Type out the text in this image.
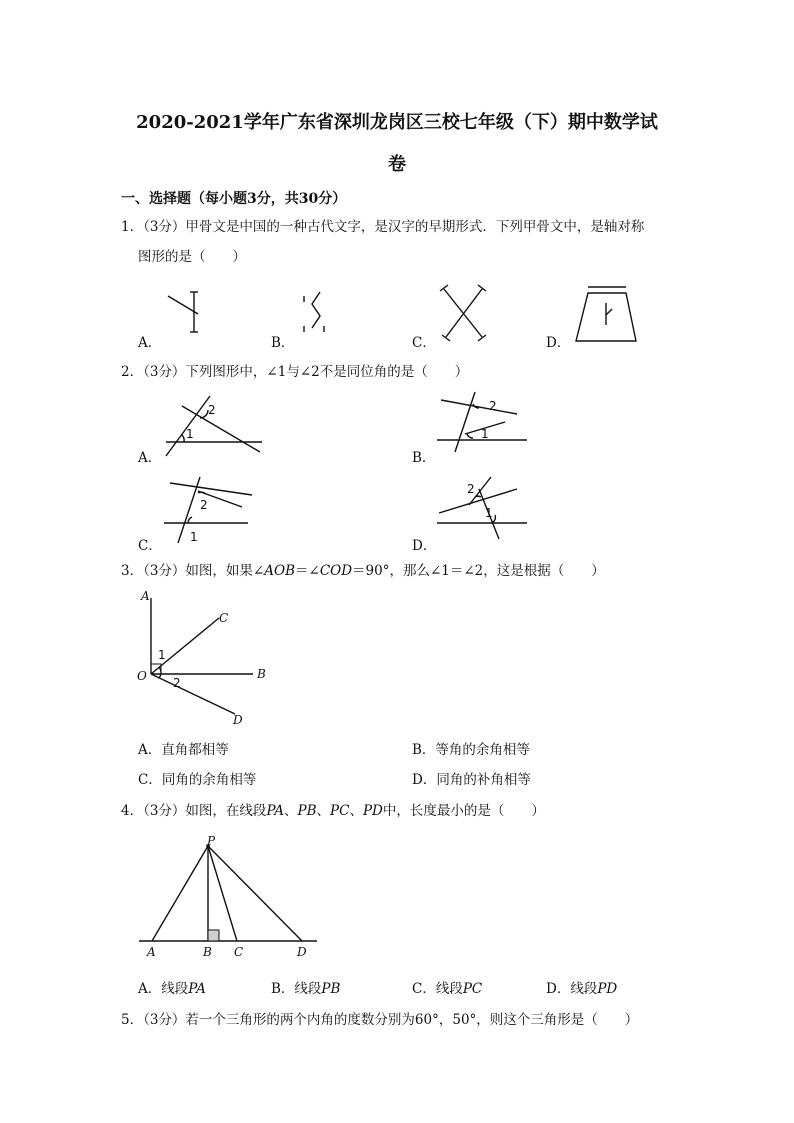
2020-2021学年广东省深圳龙岗区三校七年级（下）期中数学试
卷
一、选择题（每小题3分，共30分）
1．（3分）甲骨文是中国的一种古代文字，是汉字的早期形式．下列甲骨文中，是轴对称
图形的是（　　）
A．	B．	C．	D．
2．（3分）下列图形中，∠1与∠2不是同位角的是（　　）
A．
2
1
B．
2
1
C．
2
1
D．
2
1
3．（3分）如图，如果∠AOB＝∠COD＝90°，那么∠1＝∠2，这是根据（　　）
A
C
O	B
D
1
2
A．直角都相等	B．等角的余角相等
C．同角的余角相等	D．同角的补角相等
4．（3分）如图，在线段PA、PB、PC、PD中，长度最小的是（　　）
P
A	B C	D
A．线段PA	B．线段PB	C．线段PC	D．线段PD
5．（3分）若一个三角形的两个内角的度数分别为60°，50°，则这个三角形是（　　）
